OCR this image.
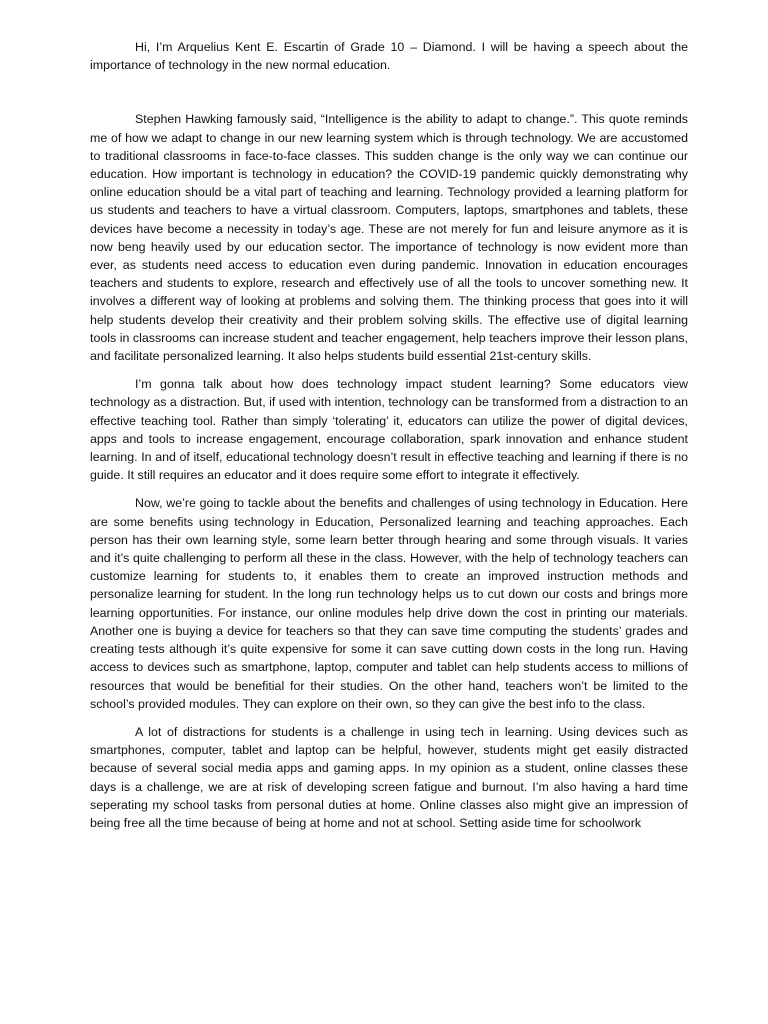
Hi, I’m Arquelius Kent E. Escartin of Grade 10 – Diamond. I will be having a speech about the importance of technology in the new normal education.

Stephen Hawking famously said, “Intelligence is the ability to adapt to change.”. This quote reminds me of how we adapt to change in our new learning system which is through technology. We are accustomed to traditional classrooms in face-to-face classes. This sudden change is the only way we can continue our education. How important is technology in education? the COVID-19 pandemic quickly demonstrating why online education should be a vital part of teaching and learning. Technology provided a learning platform for us students and teachers to have a virtual classroom. Computers, laptops, smartphones and tablets, these devices have become a necessity in today’s age. These are not merely for fun and leisure anymore as it is now beng heavily used by our education sector. The importance of technology is now evident more than ever, as students need access to education even during pandemic. Innovation in education encourages teachers and students to explore, research and effectively use of all the tools to uncover something new. It involves a different way of looking at problems and solving them. The thinking process that goes into it will help students develop their creativity and their problem solving skills. The effective use of digital learning tools in classrooms can increase student and teacher engagement, help teachers improve their lesson plans, and facilitate personalized learning. It also helps students build essential 21st-century skills.

I’m gonna talk about how does technology impact student learning? Some educators view technology as a distraction. But, if used with intention, technology can be transformed from a distraction to an effective teaching tool. Rather than simply ‘tolerating’ it, educators can utilize the power of digital devices, apps and tools to increase engagement, encourage collaboration, spark innovation and enhance student learning. In and of itself, educational technology doesn’t result in effective teaching and learning if there is no guide. It still requires an educator and it does require some effort to integrate it effectively.

Now, we’re going to tackle about the benefits and challenges of using technology in Education. Here are some benefits using technology in Education, Personalized learning and teaching approaches. Each person has their own learning style, some learn better through hearing and some through visuals. It varies and it’s quite challenging to perform all these in the class. However, with the help of technology teachers can customize learning for students to, it enables them to create an improved instruction methods and personalize learning for student. In the long run technology helps us to cut down our costs and brings more learning opportunities. For instance, our online modules help drive down the cost in printing our materials. Another one is buying a device for teachers so that they can save time computing the students’ grades and creating tests although it’s quite expensive for some it can save cutting down costs in the long run. Having access to devices such as smartphone, laptop, computer and tablet can help students access to millions of resources that would be benefitial for their studies. On the other hand, teachers won’t be limited to the school’s provided modules. They can explore on their own, so they can give the best info to the class.

A lot of distractions for students is a challenge in using tech in learning. Using devices such as smartphones, computer, tablet and laptop can be helpful, however, students might get easily distracted because of several social media apps and gaming apps. In my opinion as a student, online classes these days is a challenge, we are at risk of developing screen fatigue and burnout. I’m also having a hard time seperating my school tasks from personal duties at home. Online classes also might give an impression of being free all the time because of being at home and not at school. Setting aside time for schoolwork
